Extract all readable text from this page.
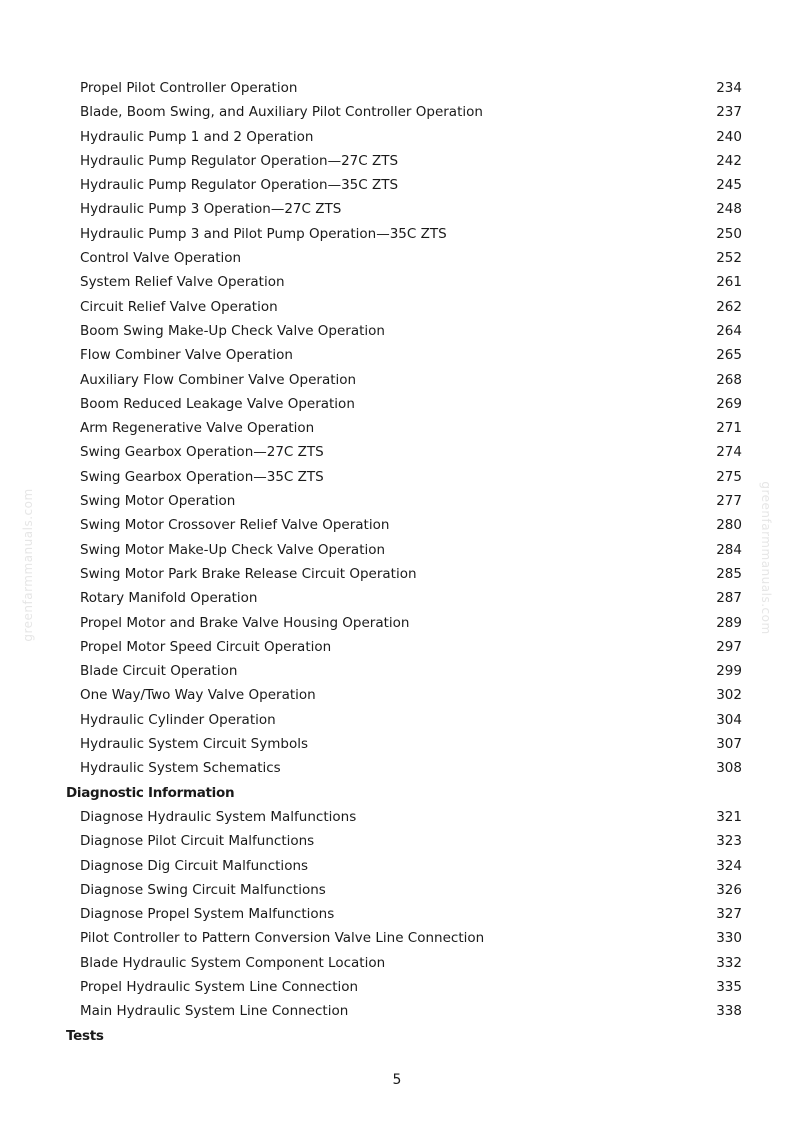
greenfarmmanuals.com	greenfarmmanuals.com
Propel Pilot Controller Operation	234
Blade, Boom Swing, and Auxiliary Pilot Controller Operation	237
Hydraulic Pump 1 and 2 Operation	240
Hydraulic Pump Regulator Operation—27C ZTS	242
Hydraulic Pump Regulator Operation—35C ZTS	245
Hydraulic Pump 3 Operation—27C ZTS	248
Hydraulic Pump 3 and Pilot Pump Operation—35C ZTS	250
Control Valve Operation	252
System Relief Valve Operation	261
Circuit Relief Valve Operation	262
Boom Swing Make-Up Check Valve Operation	264
Flow Combiner Valve Operation	265
Auxiliary Flow Combiner Valve Operation	268
Boom Reduced Leakage Valve Operation	269
Arm Regenerative Valve Operation	271
Swing Gearbox Operation—27C ZTS	274
Swing Gearbox Operation—35C ZTS	275
Swing Motor Operation	277
Swing Motor Crossover Relief Valve Operation	280
Swing Motor Make-Up Check Valve Operation	284
Swing Motor Park Brake Release Circuit Operation	285
Rotary Manifold Operation	287
Propel Motor and Brake Valve Housing Operation	289
Propel Motor Speed Circuit Operation	297
Blade Circuit Operation	299
One Way/Two Way Valve Operation	302
Hydraulic Cylinder Operation	304
Hydraulic System Circuit Symbols	307
Hydraulic System Schematics	308
Diagnostic Information
Diagnose Hydraulic System Malfunctions	321
Diagnose Pilot Circuit Malfunctions	323
Diagnose Dig Circuit Malfunctions	324
Diagnose Swing Circuit Malfunctions	326
Diagnose Propel System Malfunctions	327
Pilot Controller to Pattern Conversion Valve Line Connection	330
Blade Hydraulic System Component Location	332
Propel Hydraulic System Line Connection	335
Main Hydraulic System Line Connection	338
Tests
5
